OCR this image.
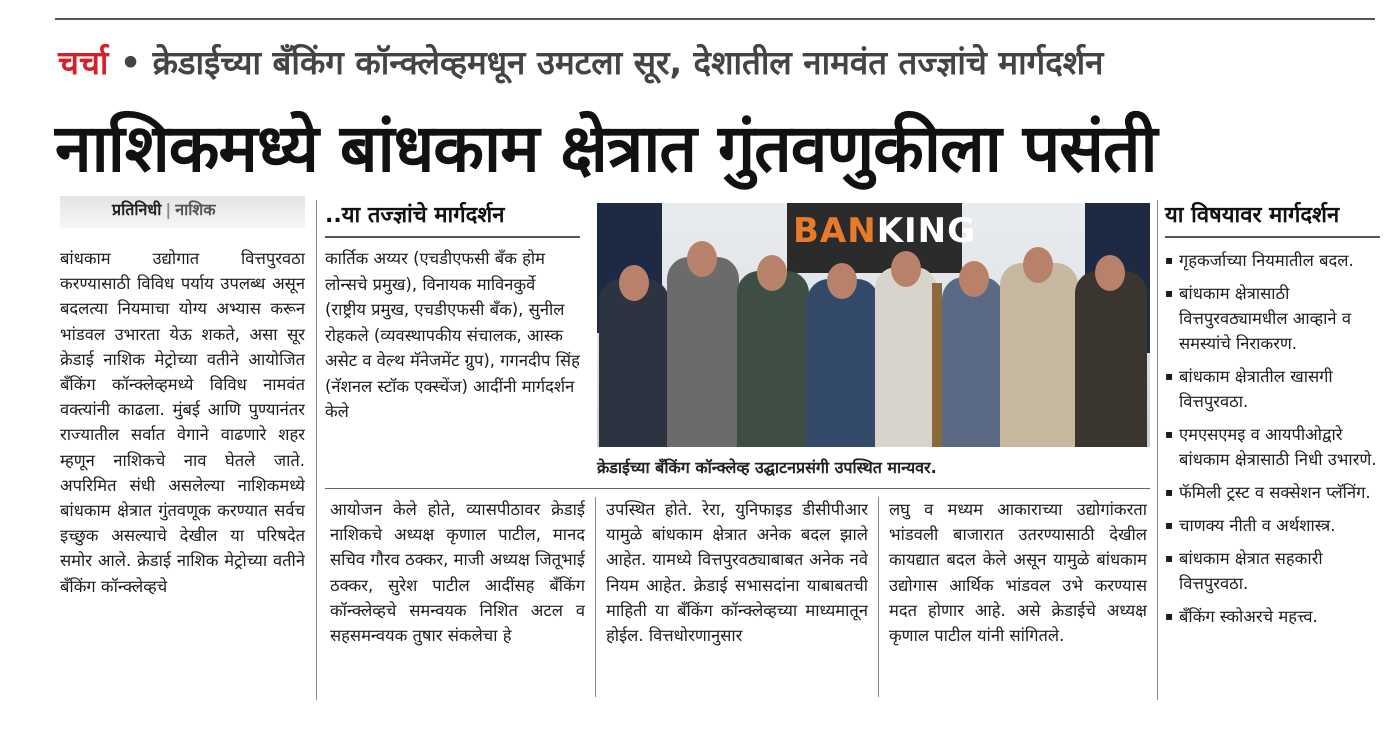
चर्चा • क्रेडाईच्या बँकिंग कॉन्क्लेव्हमधून उमटला सूर, देशातील नामवंत तज्ज्ञांचे मार्गदर्शन
नाशिकमध्ये बांधकाम क्षेत्रात गुंतवणुकीला पसंती
प्रतिनिधी | नाशिक

बांधकाम उद्योगात वित्तपुरवठा करण्यासाठी विविध पर्याय उपलब्ध असून बदलत्या नियमाचा योग्य अभ्यास करून भांडवल उभारता येऊ शकते, असा सूर क्रेडाई नाशिक मेट्रोच्या वतीने आयोजित बँकिंग कॉन्क्लेव्हमध्ये विविध नामवंत वक्त्यांनी काढला. मुंबई आणि पुण्यानंतर राज्यातील सर्वात वेगाने वाढणारे शहर म्हणून नाशिकचे नाव घेतले जाते. अपरिमित संधी असलेल्या नाशिकमध्ये बांधकाम क्षेत्रात गुंतवणूक करण्यात सर्वच इच्छुक असल्याचे देखील या परिषदेत समोर आले. क्रेडाई नाशिक मेट्रोच्या वतीने बँकिंग कॉन्क्लेव्हचे

..या तज्ज्ञांचे मार्गदर्शन
कार्तिक अय्यर (एचडीएफसी बँक होम लोन्सचे प्रमुख), विनायक माविनकुर्वे (राष्ट्रीय प्रमुख, एचडीएफसी बँक), सुनील रोहकले (व्यवस्थापकीय संचालक, आस्क असेट व वेल्थ मॅनेजमेंट ग्रुप), गगनदीप सिंह (नॅशनल स्टॉक एक्स्चेंज) आदींनी मार्गदर्शन केले
BANKING
क्रेडाईच्या बँकिंग कॉन्क्लेव्ह उद्घाटनप्रसंगी उपस्थित मान्यवर.

आयोजन केले होते, व्यासपीठावर क्रेडाई नाशिकचे अध्यक्ष कृणाल पाटील, मानद सचिव गौरव ठक्कर, माजी अध्यक्ष जितूभाई ठक्कर, सुरेश पाटील आदींसह बँकिंग कॉन्क्लेव्हचे समन्वयक निशित अटल व सहसमन्वयक तुषार संकलेचा हे

उपस्थित होते. रेरा, युनिफाइड डीसीपीआर यामुळे बांधकाम क्षेत्रात अनेक बदल झाले आहेत. यामध्ये वित्तपुरवठ्याबाबत अनेक नवे नियम आहेत. क्रेडाई सभासदांना याबाबतची माहिती या बँकिंग कॉन्क्लेव्हच्या माध्यमातून होईल. वित्तधोरणानुसार

लघु व मध्यम आकाराच्या उद्योगांकरता भांडवली बाजारात उतरण्यासाठी देखील कायद्यात बदल केले असून यामुळे बांधकाम उद्योगास आर्थिक भांडवल उभे करण्यास मदत होणार आहे. असे क्रेडाईचे अध्यक्ष कृणाल पाटील यांनी सांगितले.

या विषयावर मार्गदर्शन
▪ गृहकर्जाच्या नियमातील बदल.
▪ बांधकाम क्षेत्रासाठी वित्तपुरवठ्यामधील आव्हाने व समस्यांचे निराकरण.
▪ बांधकाम क्षेत्रातील खासगी वित्तपुरवठा.
▪ एमएसएमइ व आयपीओद्वारे बांधकाम क्षेत्रासाठी निधी उभारणे.
▪ फॅमिली ट्रस्ट व सक्सेशन प्लॅनिंग.
▪ चाणक्य नीती व अर्थशास्त्र.
▪ बांधकाम क्षेत्रात सहकारी वित्तपुरवठा.
▪ बँकिंग स्कोअरचे महत्त्व.
